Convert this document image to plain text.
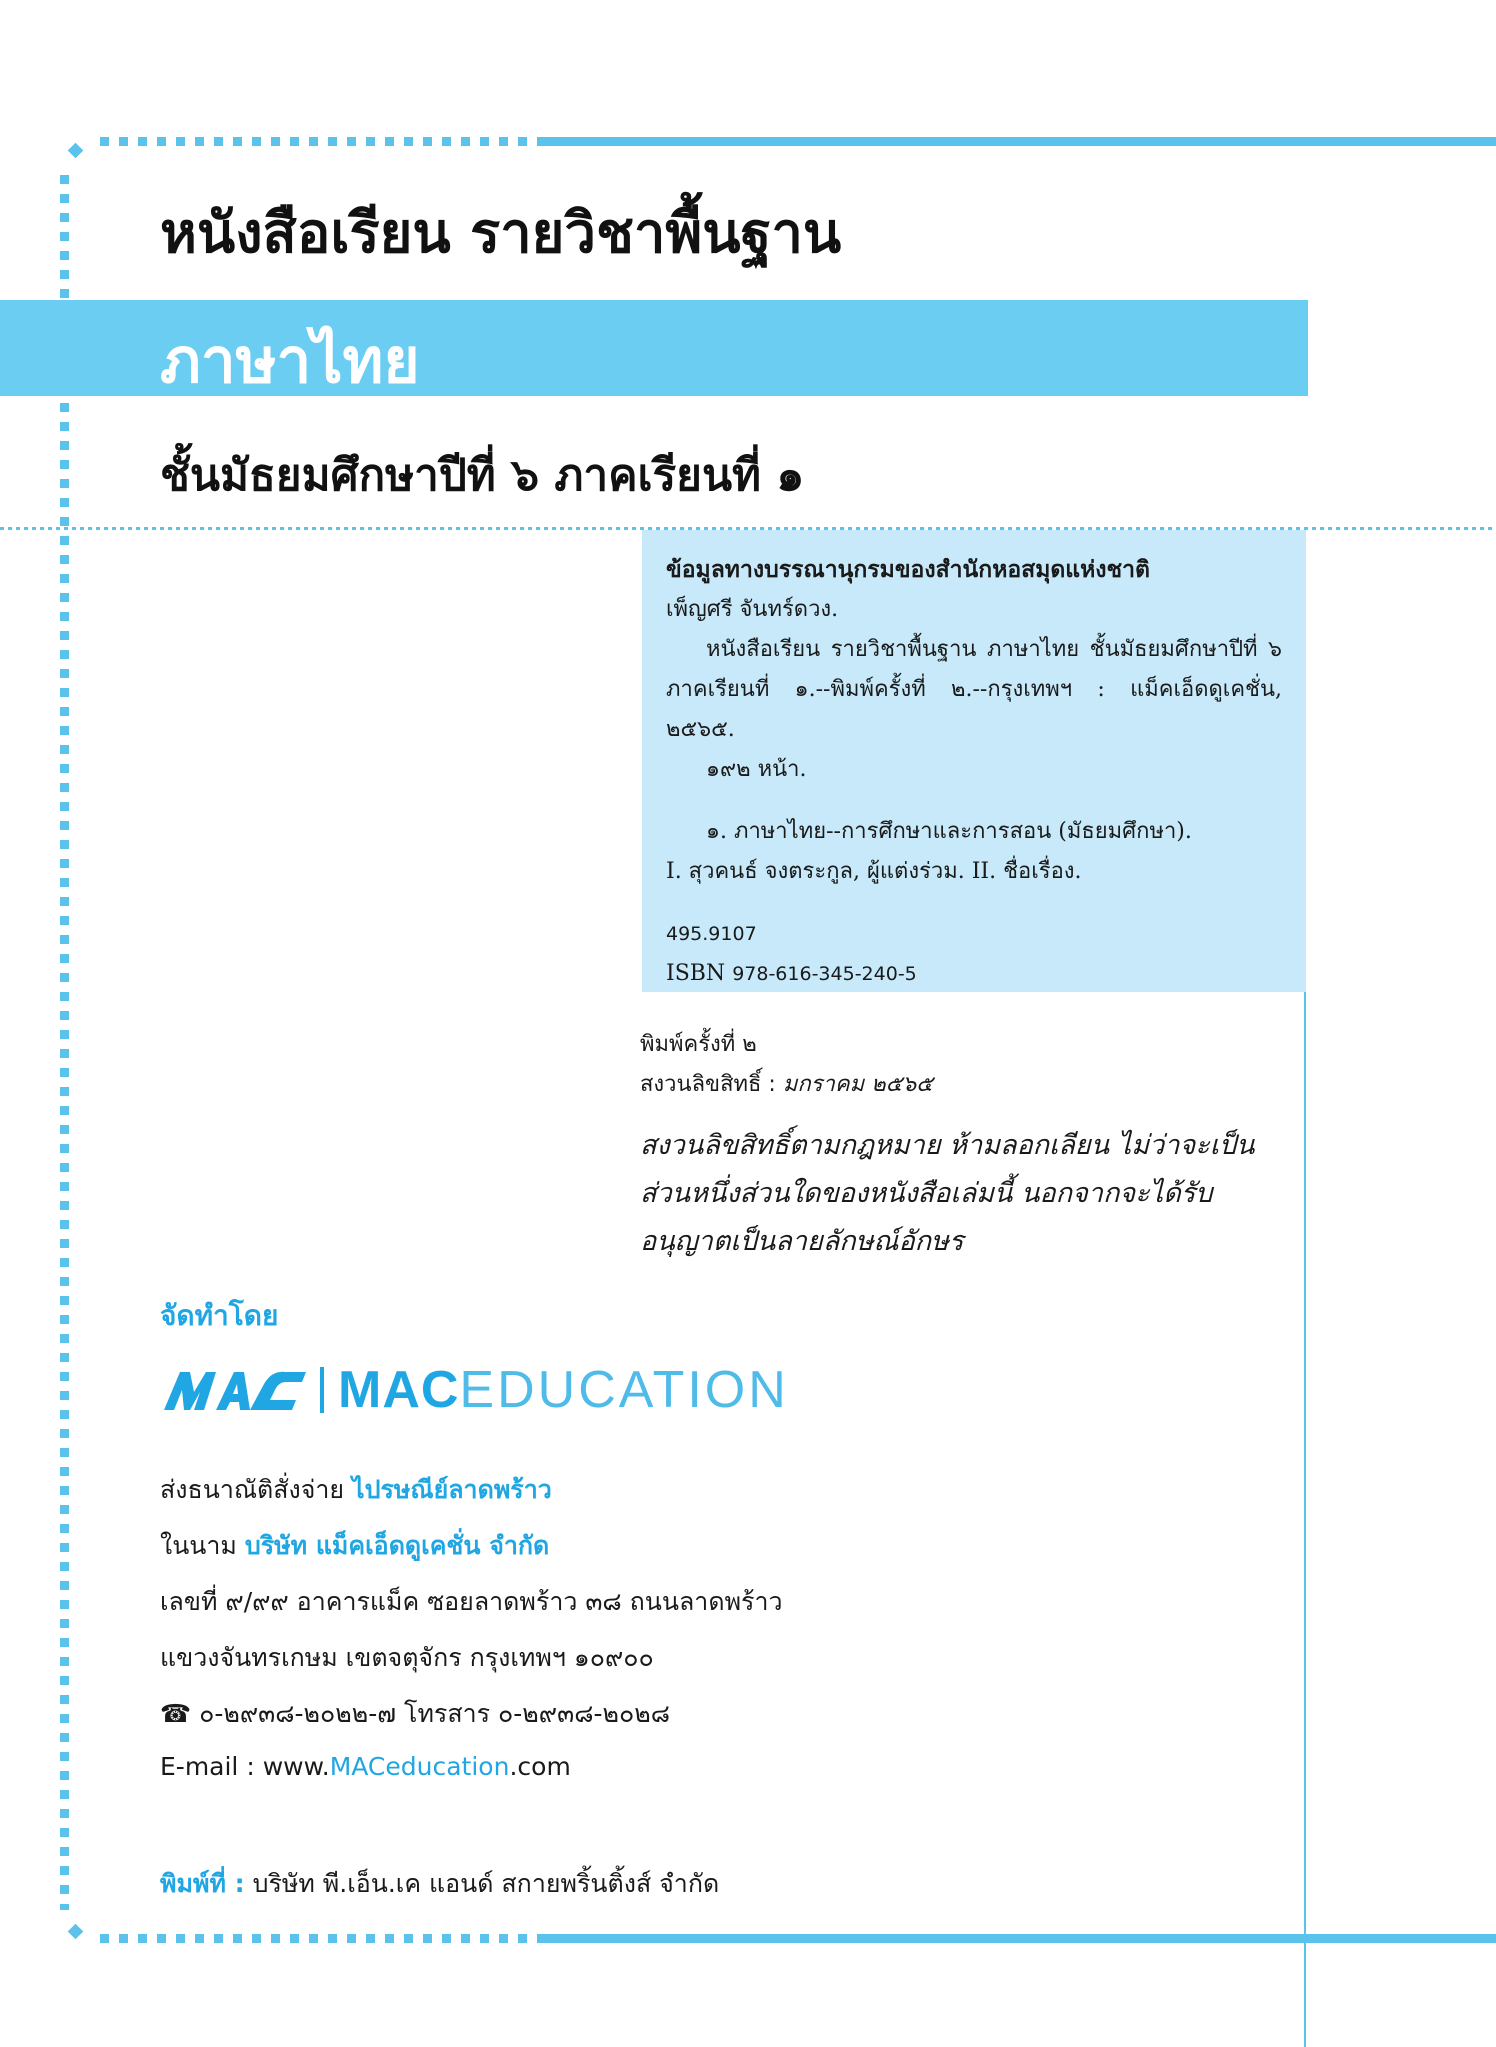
หนังสือเรียน รายวิชาพื้นฐาน
ภาษาไทย
ชั้นมัธยมศึกษาปีที่ ๖ ภาคเรียนที่ ๑
ข้อมูลทางบรรณานุกรมของสำนักหอสมุดแห่งชาติ
เพ็ญศรี จันทร์ดวง.
หนังสือเรียน รายวิชาพื้นฐาน ภาษาไทย ชั้นมัธยมศึกษาปีที่ ๖ ภาคเรียนที่ ๑.--พิมพ์ครั้งที่ ๒.--กรุงเทพฯ : แม็คเอ็ดดูเคชั่น, ๒๕๖๕.
๑๙๒ หน้า.
๑. ภาษาไทย--การศึกษาและการสอน (มัธยมศึกษา).
I. สุวคนธ์ จงตระกูล, ผู้แต่งร่วม. II. ชื่อเรื่อง.
495.9107
ISBN 978-616-345-240-5
พิมพ์ครั้งที่ ๒
สงวนลิขสิทธิ์ : มกราคม ๒๕๖๕
สงวนลิขสิทธิ์ตามกฎหมาย ห้ามลอกเลียน ไม่ว่าจะเป็นส่วนหนึ่งส่วนใดของหนังสือเล่มนี้ นอกจากจะได้รับอนุญาตเป็นลายลักษณ์อักษร
จัดทำโดย
MACEDUCATION
ส่งธนาณัติสั่งจ่าย ไปรษณีย์ลาดพร้าว
ในนาม บริษัท แม็คเอ็ดดูเคชั่น จำกัด
เลขที่ ๙/๙๙ อาคารแม็ค ซอยลาดพร้าว ๓๘ ถนนลาดพร้าว
แขวงจันทรเกษม เขตจตุจักร กรุงเทพฯ ๑๐๙๐๐
☎ ๐-๒๙๓๘-๒๐๒๒-๗ โทรสาร ๐-๒๙๓๘-๒๐๒๘
E-mail : www.MACeducation.com
พิมพ์ที่ : บริษัท พี.เอ็น.เค แอนด์ สกายพริ้นติ้งส์ จำกัด
